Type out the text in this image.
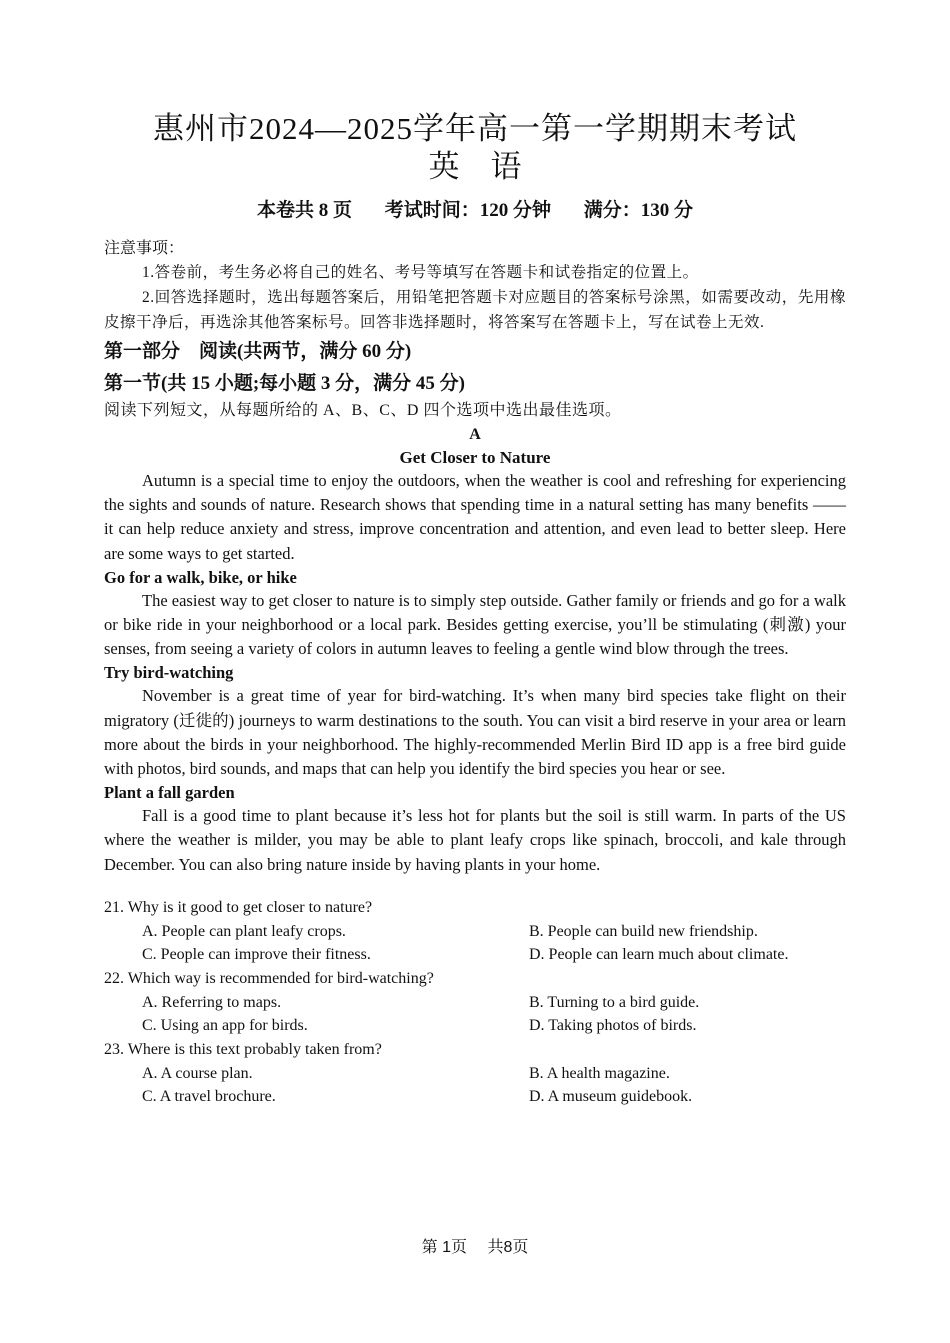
惠州市2024—2025学年高一第一学期期末考试
英　语
本卷共 8 页 考试时间：120 分钟 满分：130 分
注意事项：
1.答卷前，考生务必将自己的姓名、考号等填写在答题卡和试卷指定的位置上。
2.回答选择题时，选出每题答案后，用铅笔把答题卡对应题目的答案标号涂黑，如需要改动，先用橡皮擦干净后，再选涂其他答案标号。回答非选择题时，将答案写在答题卡上，写在试卷上无效.
第一部分　阅读(共两节，满分 60 分)
第一节(共 15 小题;每小题 3 分，满分 45 分)
阅读下列短文，从每题所给的 A、B、C、D 四个选项中选出最佳选项。
A
Get Closer to Nature

Autumn is a special time to enjoy the outdoors, when the weather is cool and refreshing for experiencing the sights and sounds of nature. Research shows that spending time in a natural setting has many benefits —— it can help reduce anxiety and stress, improve concentration and attention, and even lead to better sleep. Here are some ways to get started.

Go for a walk, bike, or hike

The easiest way to get closer to nature is to simply step outside. Gather family or friends and go for a walk or bike ride in your neighborhood or a local park. Besides getting exercise, you’ll be stimulating (刺激) your senses, from seeing a variety of colors in autumn leaves to feeling a gentle wind blow through the trees.

Try bird-watching

November is a great time of year for bird-watching. It’s when many bird species take flight on their migratory (迁徙的) journeys to warm destinations to the south. You can visit a bird reserve in your area or learn more about the birds in your neighborhood. The highly-recommended Merlin Bird ID app is a free bird guide with photos, bird sounds, and maps that can help you identify the bird species you hear or see.

Plant a fall garden

Fall is a good time to plant because it’s less hot for plants but the soil is still warm. In parts of the US where the weather is milder, you may be able to plant leafy crops like spinach, broccoli, and kale through December. You can also bring nature inside by having plants in your home.

21. Why is it good to get closer to nature?
A. People can plant leafy crops.	B. People can build new friendship.
C. People can improve their fitness.	D. People can learn much about climate.
22. Which way is recommended for bird-watching?
A. Referring to maps.	B. Turning to a bird guide.
C. Using an app for birds.	D. Taking photos of birds.
23. Where is this text probably taken from?
A. A course plan.	B. A health magazine.
C. A travel brochure.	D. A museum guidebook.
第 1页 共8页
